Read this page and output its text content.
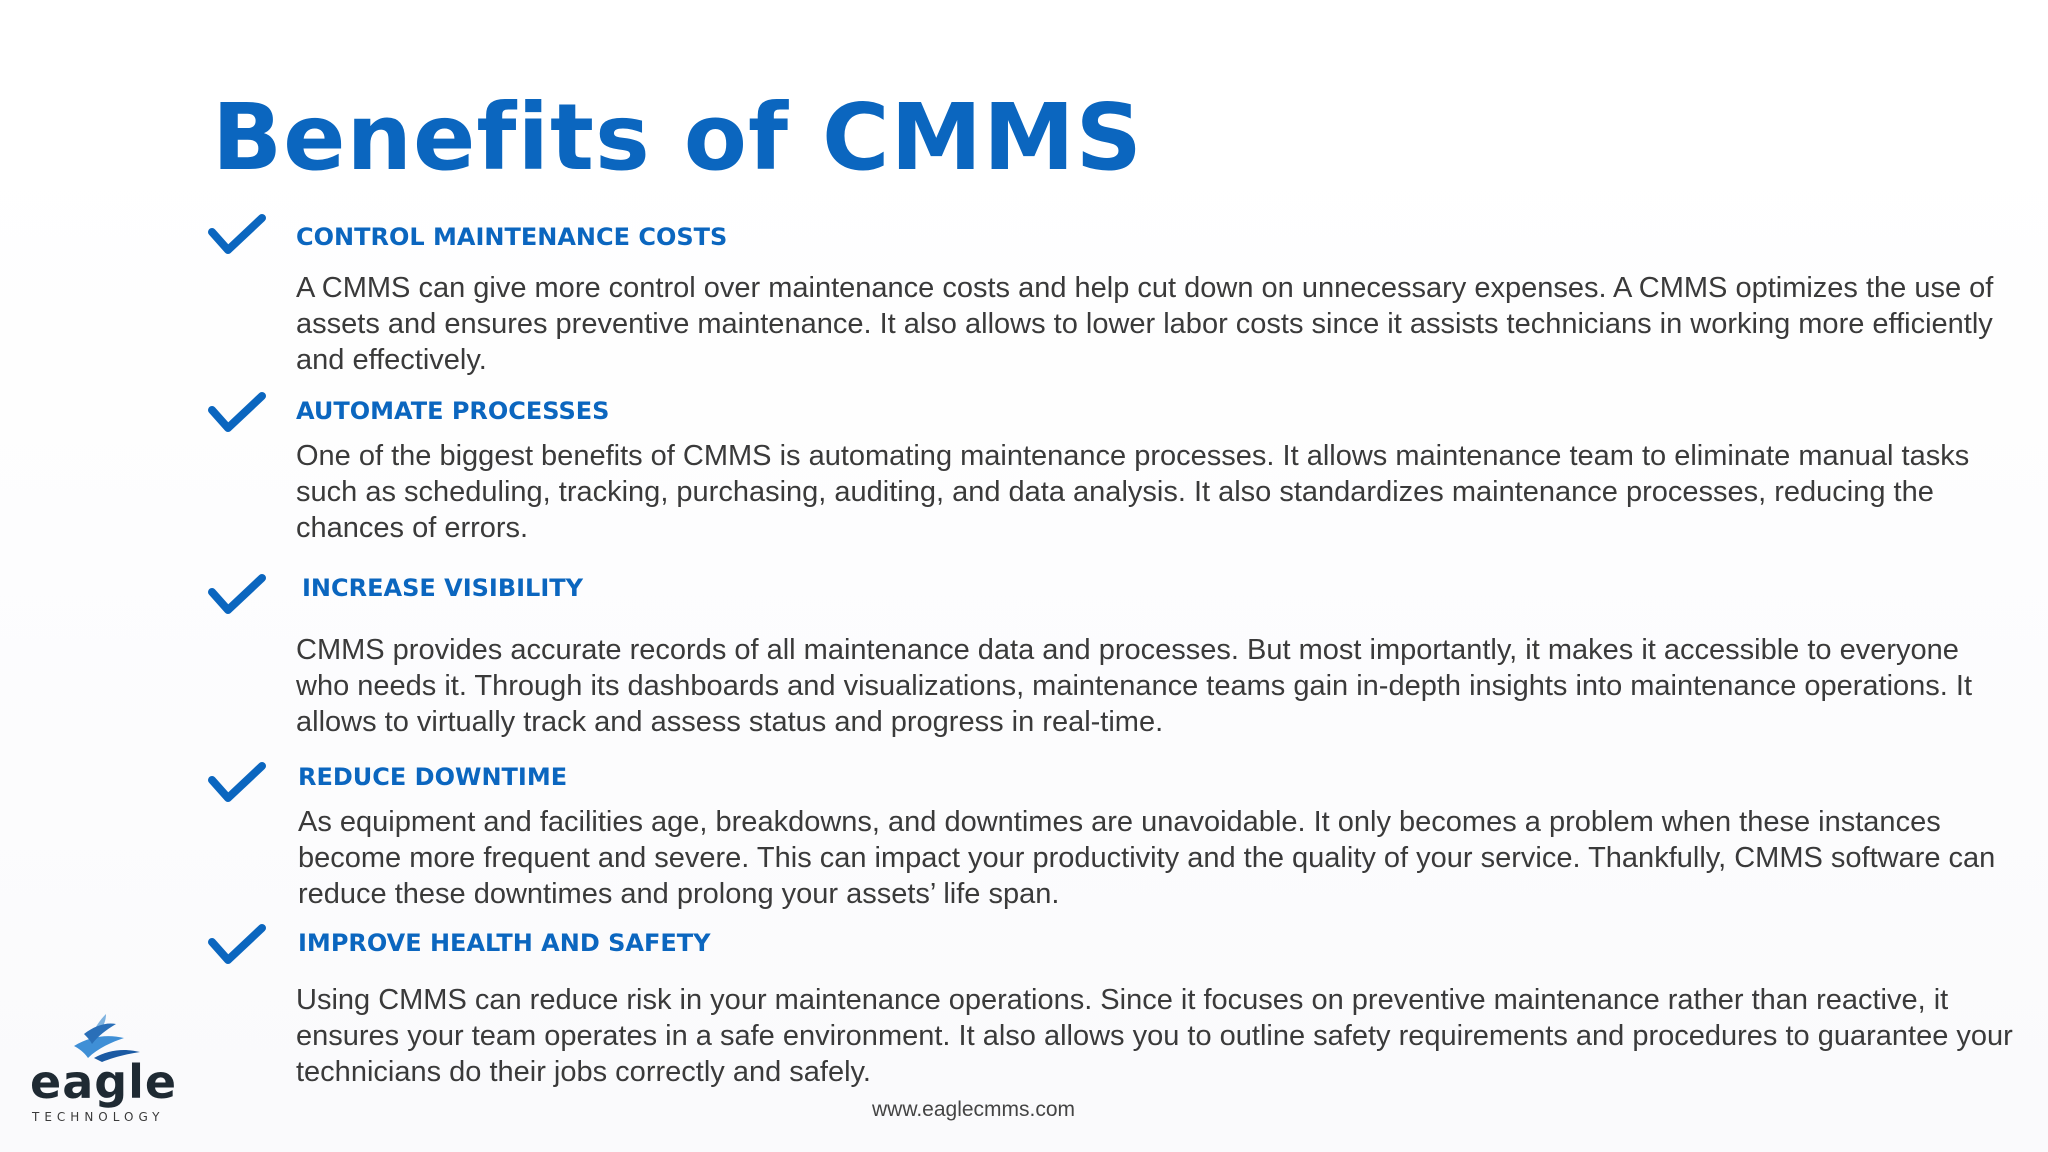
Benefits of CMMS
CONTROL MAINTENANCE COSTS
A CMMS can give more control over maintenance costs and help cut down on unnecessary expenses. A CMMS optimizes the use of assets and ensures preventive maintenance. It also allows to lower labor costs since it assists technicians in working more efficiently and effectively.
AUTOMATE PROCESSES
One of the biggest benefits of CMMS is automating maintenance processes. It allows maintenance team to eliminate manual tasks such as scheduling, tracking, purchasing, auditing, and data analysis. It also standardizes maintenance processes, reducing the chances of errors.
INCREASE VISIBILITY
CMMS provides accurate records of all maintenance data and processes. But most importantly, it makes it accessible to everyone who needs it. Through its dashboards and visualizations, maintenance teams gain in-depth insights into maintenance operations. It allows to virtually track and assess status and progress in real-time.
REDUCE DOWNTIME
As equipment and facilities age, breakdowns, and downtimes are unavoidable. It only becomes a problem when these instances become more frequent and severe. This can impact your productivity and the quality of your service. Thankfully, CMMS software can reduce these downtimes and prolong your assets’ life span.
IMPROVE HEALTH AND SAFETY
Using CMMS can reduce risk in your maintenance operations. Since it focuses on preventive maintenance rather than reactive, it ensures your team operates in a safe environment. It also allows you to outline safety requirements and procedures to guarantee your technicians do their jobs correctly and safely.
eagle
TECHNOLOGY	www.eaglecmms.com
